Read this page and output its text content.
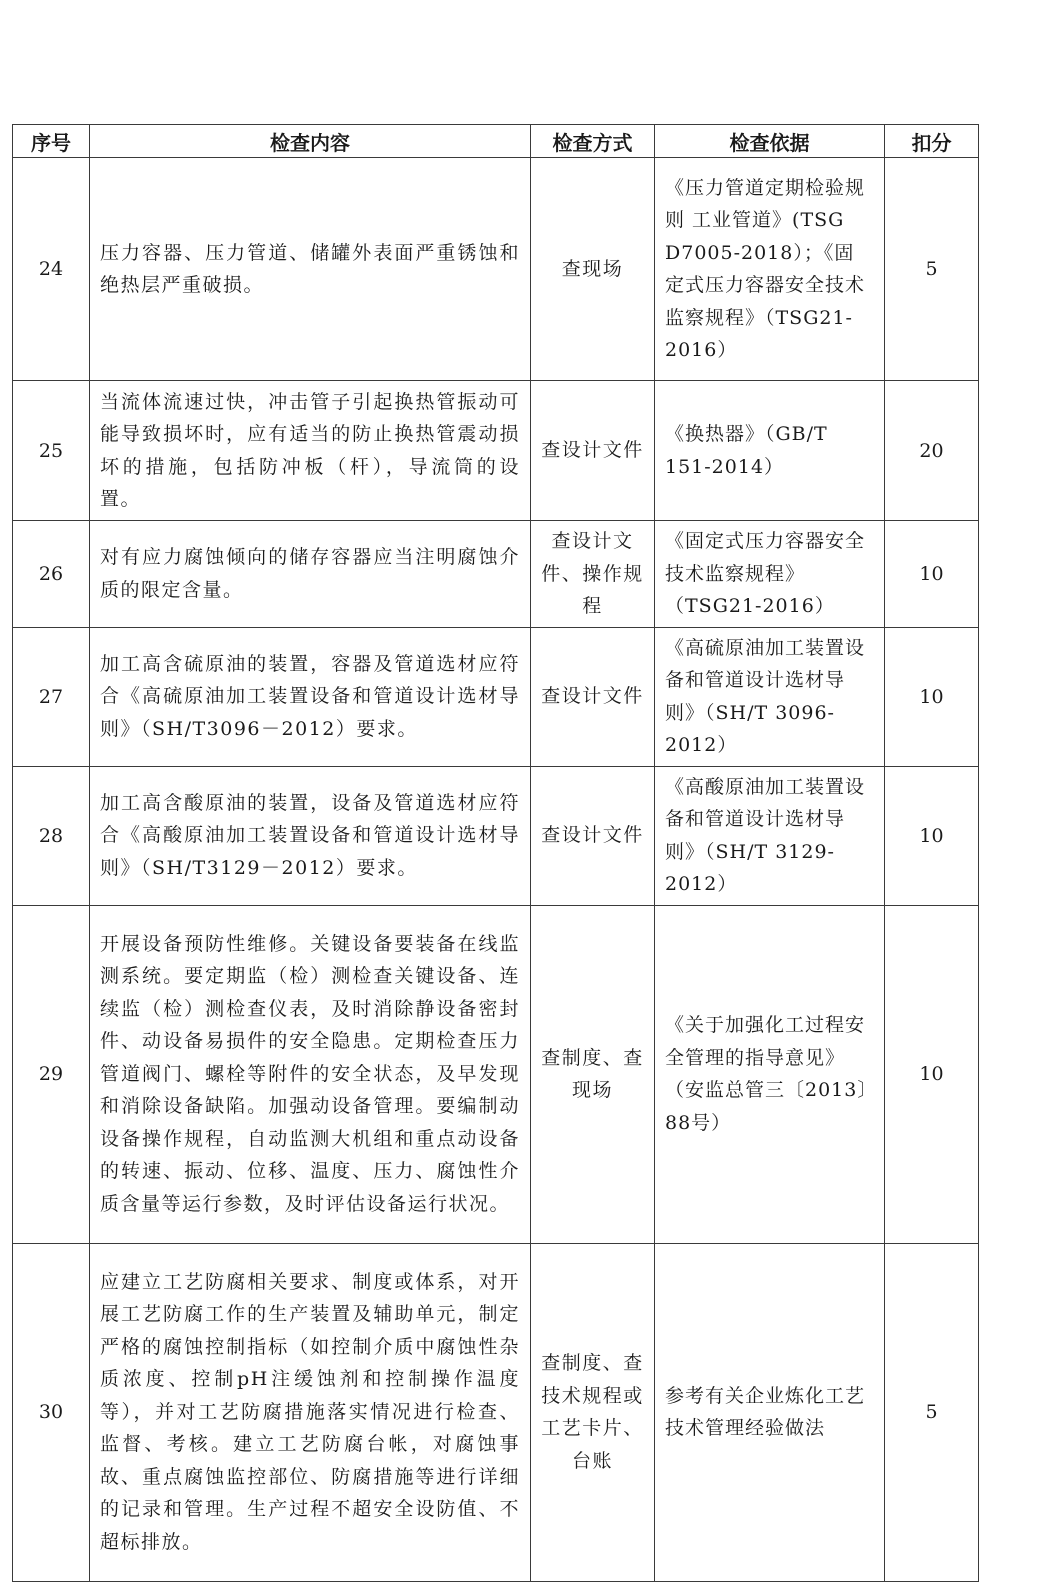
序号	检查内容	检查方式	检查依据	扣分
24	压力容器、压力管道、储罐外表面严重锈蚀和绝热层严重破损。	查现场	《压力管道定期检验规则 工业管道》(TSG D7005-2018）；《固定式压力容器安全技术监察规程》（TSG21-2016）	5
25	当流体流速过快，冲击管子引起换热管振动可能导致损坏时，应有适当的防止换热管震动损坏的措施，包括防冲板（杆），导流筒的设置。	查设计文件	《换热器》（GB/T 151-2014）	20
26	对有应力腐蚀倾向的储存容器应当注明腐蚀介质的限定含量。	查设计文件、操作规程	《固定式压力容器安全技术监察规程》（TSG21-2016）	10
27	加工高含硫原油的装置，容器及管道选材应符合《高硫原油加工装置设备和管道设计选材导则》（SH/T3096－2012）要求。	查设计文件	《高硫原油加工装置设备和管道设计选材导则》（SH/T 3096-2012）	10
28	加工高含酸原油的装置，设备及管道选材应符合《高酸原油加工装置设备和管道设计选材导则》（SH/T3129－2012）要求。	查设计文件	《高酸原油加工装置设备和管道设计选材导则》（SH/T 3129-2012）	10
29	开展设备预防性维修。关键设备要装备在线监测系统。要定期监（检）测检查关键设备、连续监（检）测检查仪表，及时消除静设备密封件、动设备易损件的安全隐患。定期检查压力管道阀门、螺栓等附件的安全状态，及早发现和消除设备缺陷。加强动设备管理。要编制动设备操作规程，自动监测大机组和重点动设备的转速、振动、位移、温度、压力、腐蚀性介质含量等运行参数，及时评估设备运行状况。	查制度、查现场	《关于加强化工过程安全管理的指导意见》（安监总管三〔2013〕88号）	10
30	应建立工艺防腐相关要求、制度或体系，对开展工艺防腐工作的生产装置及辅助单元，制定严格的腐蚀控制指标（如控制介质中腐蚀性杂质浓度、控制pH注缓蚀剂和控制操作温度等），并对工艺防腐措施落实情况进行检查、监督、考核。建立工艺防腐台帐，对腐蚀事故、重点腐蚀监控部位、防腐措施等进行详细的记录和管理。生产过程不超安全设防值、不超标排放。	查制度、查技术规程或工艺卡片、台账	参考有关企业炼化工艺技术管理经验做法	5
